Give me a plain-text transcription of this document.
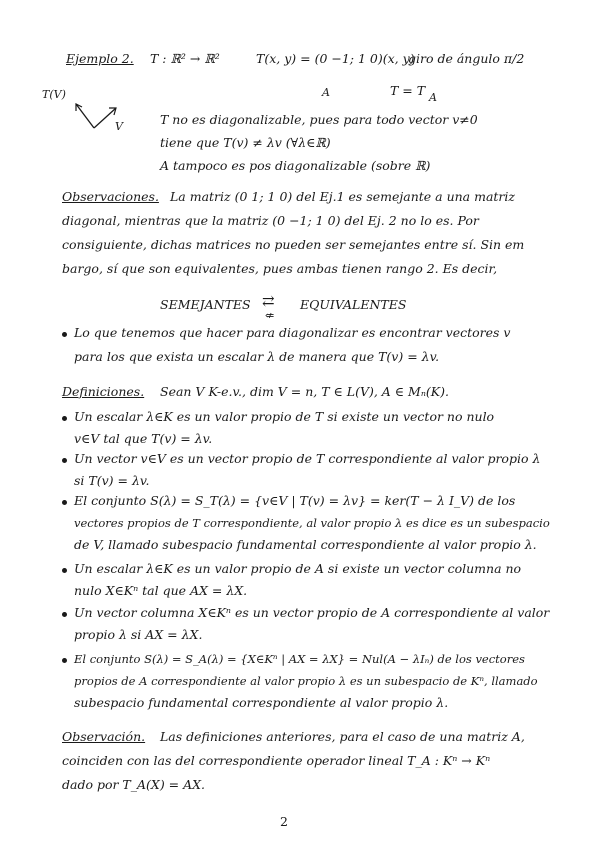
Ejemplo 2. T : ℝ² → ℝ²	T(x, y) = (0 −1; 1 0)(x, y)
giro de ángulo π/2
A	T = T A
T(V)
V	T no es diagonalizable, pues para todo vector v≠0
tiene que T(v) ≠ λv (∀λ∈ℝ)
A tampoco es pos diagonalizable (sobre ℝ)
Observaciones. La matriz (0 1; 1 0) del Ej.1 es semejante a una matriz
diagonal, mientras que la matriz (0 −1; 1 0) del Ej. 2 no lo es. Por
consiguiente, dichas matrices no pueden ser semejantes entre sí. Sin em
bargo, sí que son equivalentes, pues ambas tienen rango 2. Es decir,
SEMEJANTES ⇄
⇍
EQUIVALENTES
Lo que tenemos que hacer para diagonalizar es encontrar vectores v
para los que exista un escalar λ de manera que T(v) = λv.
Definiciones. Sean V K-e.v., dim V = n, T ∈ L(V), A ∈ Mₙ(K).
Un escalar λ∈K es un valor propio de T si existe un vector no nulo
v∈V tal que T(v) = λv.
Un vector v∈V es un vector propio de T correspondiente al valor propio λ
si T(v) = λv.
El conjunto S(λ) = S_T(λ) = {v∈V | T(v) = λv} = ker(T − λ I_V) de los
vectores propios de T correspondiente, al valor propio λ es dice es un subespacio
de V, llamado subespacio fundamental correspondiente al valor propio λ.
Un escalar λ∈K es un valor propio de A si existe un vector columna no
nulo X∈Kⁿ tal que AX = λX.
Un vector columna X∈Kⁿ es un vector propio de A correspondiente al valor
propio λ si AX = λX.
El conjunto S(λ) = S_A(λ) = {X∈Kⁿ | AX = λX} = Nul(A − λIₙ) de los vectores
propios de A correspondiente al valor propio λ es un subespacio de Kⁿ, llamado
subespacio fundamental correspondiente al valor propio λ.
Observación. Las definiciones anteriores, para el caso de una matriz A,
coinciden con las del correspondiente operador lineal T_A : Kⁿ → Kⁿ
dado por T_A(X) = AX.
2
